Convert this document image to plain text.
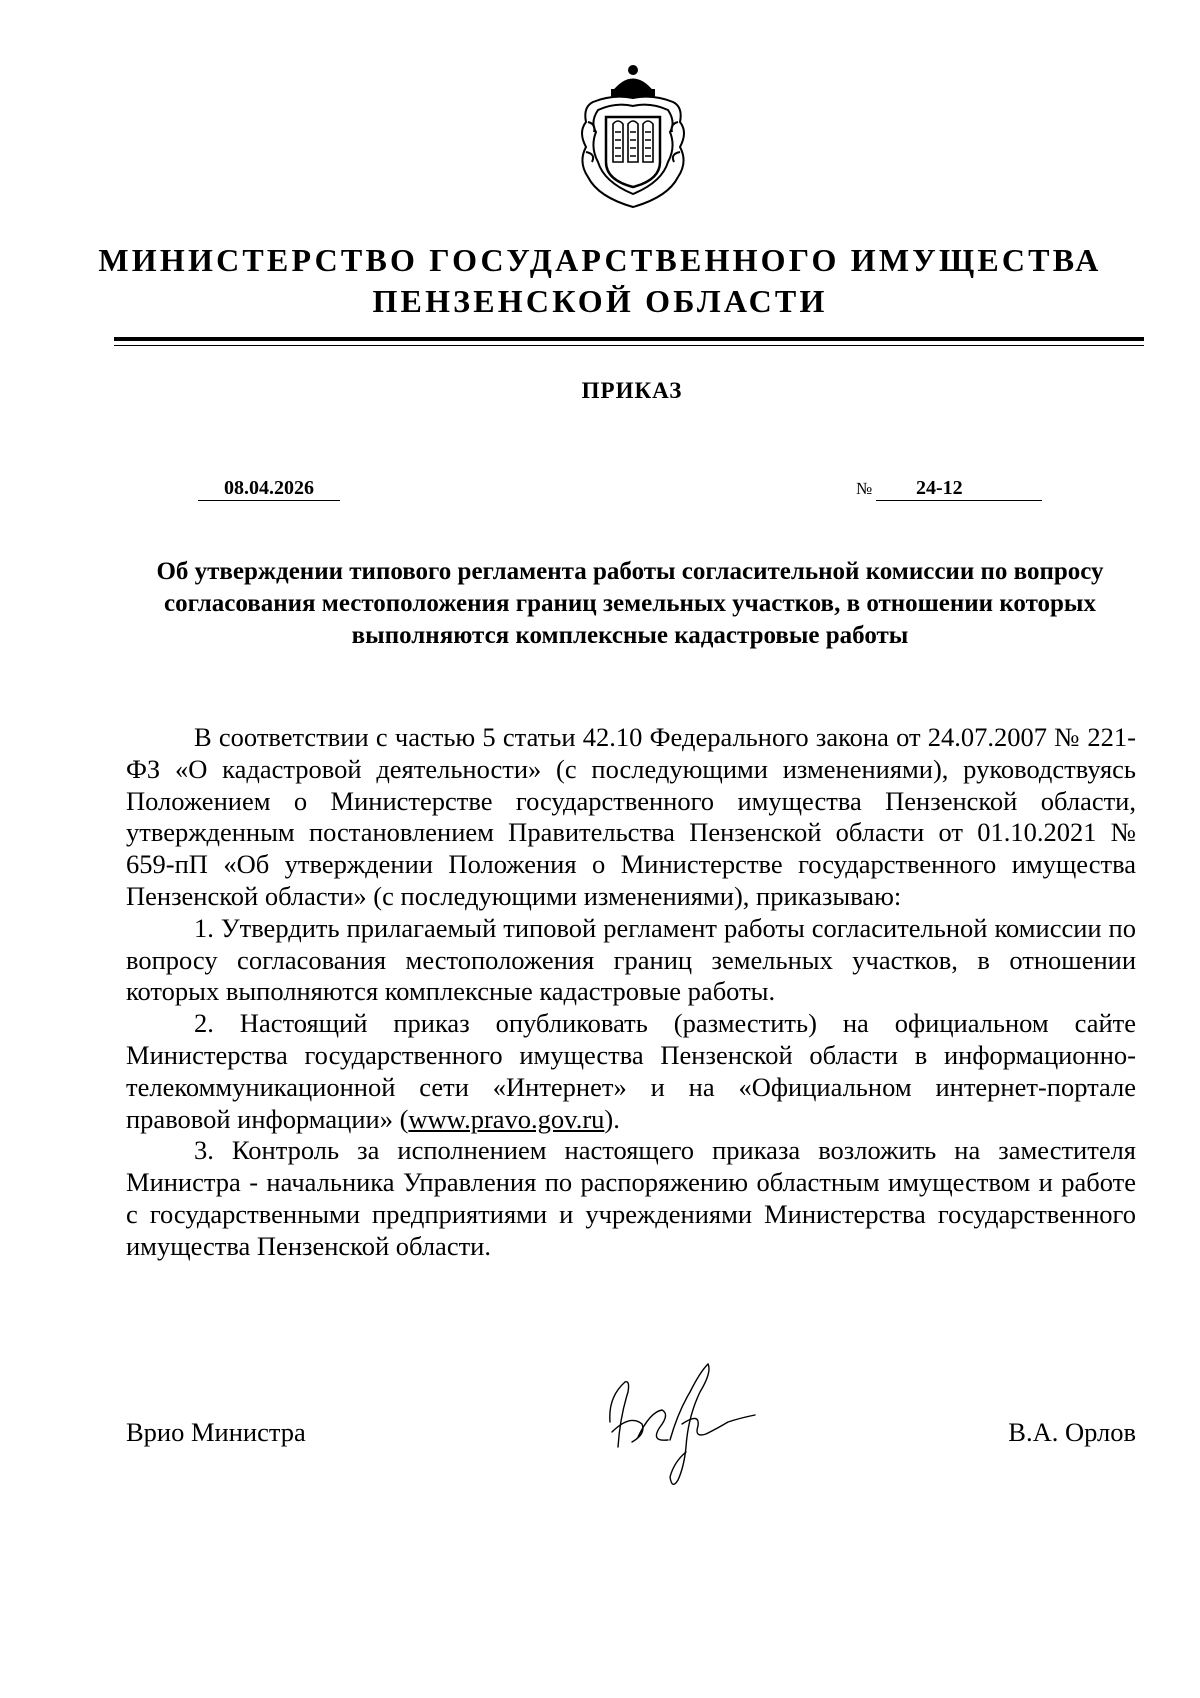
МИНИСТЕРСТВО ГОСУДАРСТВЕННОГО ИМУЩЕСТВА
ПЕНЗЕНСКОЙ ОБЛАСТИ
ПРИКАЗ
08.04.2026	№	24-12
Об утверждении типового регламента работы согласительной комиссии по вопросу согласования местоположения границ земельных участков, в отношении которых выполняются комплексные кадастровые работы

В соответствии с частью 5 статьи 42.10 Федерального закона от 24.07.2007 № 221-ФЗ «О кадастровой деятельности» (с последующими изменениями), руководствуясь Положением о Министерстве государственного имущества Пензенской области, утвержденным постановлением Правительства Пензенской области от 01.10.2021 № 659-пП «Об утверждении Положения о Министерстве государственного имущества Пензенской области» (с последующими изменениями), приказываю:

1. Утвердить прилагаемый типовой регламент работы согласительной комиссии по вопросу согласования местоположения границ земельных участков, в отношении которых выполняются комплексные кадастровые работы.

2. Настоящий приказ опубликовать (разместить) на официальном сайте Министерства государственного имущества Пензенской области в информационно-телекоммуникационной сети «Интернет» и на «Официальном интернет-портале правовой информации» (www.pravo.gov.ru).

3. Контроль за исполнением настоящего приказа возложить на заместителя Министра - начальника Управления по распоряжению областным имуществом и работе с государственными предприятиями и учреждениями Министерства государственного имущества Пензенской области.

Врио Министра	В.А. Орлов
